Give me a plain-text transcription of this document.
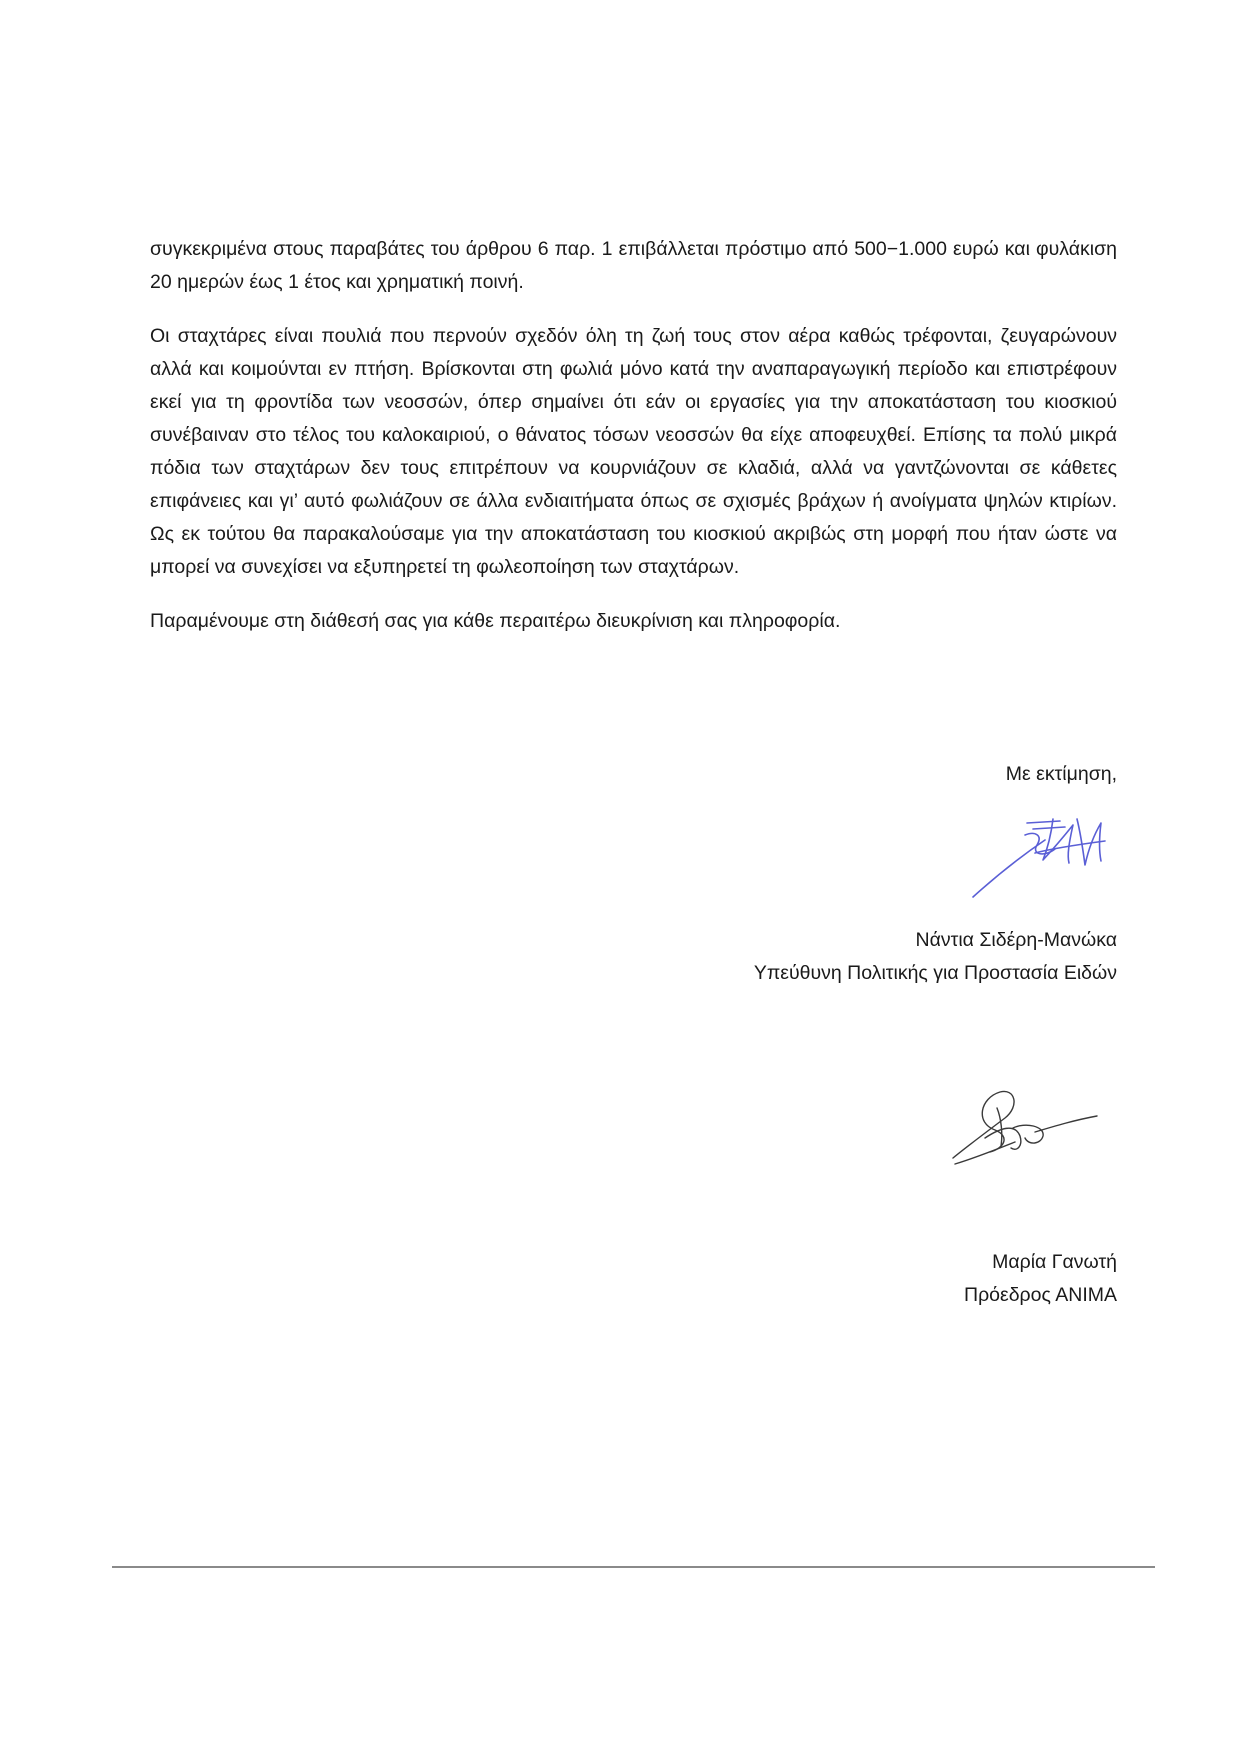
συγκεκριμένα στους παραβάτες του άρθρου 6 παρ. 1 επιβάλλεται πρόστιμο από 500−1.000 ευρώ και φυλάκιση 20 ημερών έως 1 έτος και χρηματική ποινή.

Οι σταχτάρες είναι πουλιά που περνούν σχεδόν όλη τη ζωή τους στον αέρα καθώς τρέφονται, ζευγαρώνουν αλλά και κοιμούνται εν πτήση. Βρίσκονται στη φωλιά μόνο κατά την αναπαραγωγική περίοδο και επιστρέφουν εκεί για τη φροντίδα των νεοσσών, όπερ σημαίνει ότι εάν οι εργασίες για την αποκατάσταση του κιοσκιού συνέβαιναν στο τέλος του καλοκαιριού, ο θάνατος τόσων νεοσσών θα είχε αποφευχθεί. Επίσης τα πολύ μικρά πόδια των σταχτάρων δεν τους επιτρέπουν να κουρνιάζουν σε κλαδιά, αλλά να γαντζώνονται σε κάθετες επιφάνειες και γι’ αυτό φωλιάζουν σε άλλα ενδιαιτήματα όπως σε σχισμές βράχων ή ανοίγματα ψηλών κτιρίων. Ως εκ τούτου θα παρακαλούσαμε για την αποκατάσταση του κιοσκιού ακριβώς στη μορφή που ήταν ώστε να μπορεί να συνεχίσει να εξυπηρετεί τη φωλεοποίηση των σταχτάρων.

Παραμένουμε στη διάθεσή σας για κάθε περαιτέρω διευκρίνιση και πληροφορία.

Με εκτίμηση,
Νάντια Σιδέρη-Μανώκα
Υπεύθυνη Πολιτικής για Προστασία Ειδών
Μαρία Γανωτή
Πρόεδρος ΑΝΙΜΑ
